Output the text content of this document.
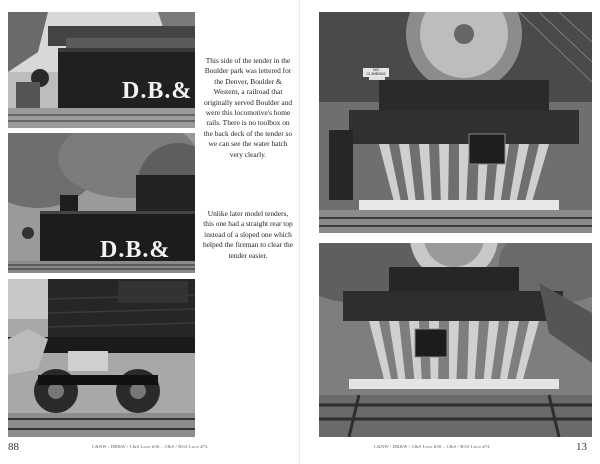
D.B.&
D.B.&
This side of the tender in the Boulder park was lettered for the Denver, Boulder & Western, a railroad that originally served Boulder and were this locomotive's home rails. There is no toolbox on the back deck of the tender so we can see the water hatch very clearly.
Unlike later model tenders, this one had a straight rear top instead of a sloped one which helped the fireman to clear the tender easier.
88	C&NW / DB&W / C&S Loco #30... C&S / RGS Loco #74
NO CLIMBING
13
C&NW / DB&W / C&S Loco #30... C&S / RGS Loco #74
